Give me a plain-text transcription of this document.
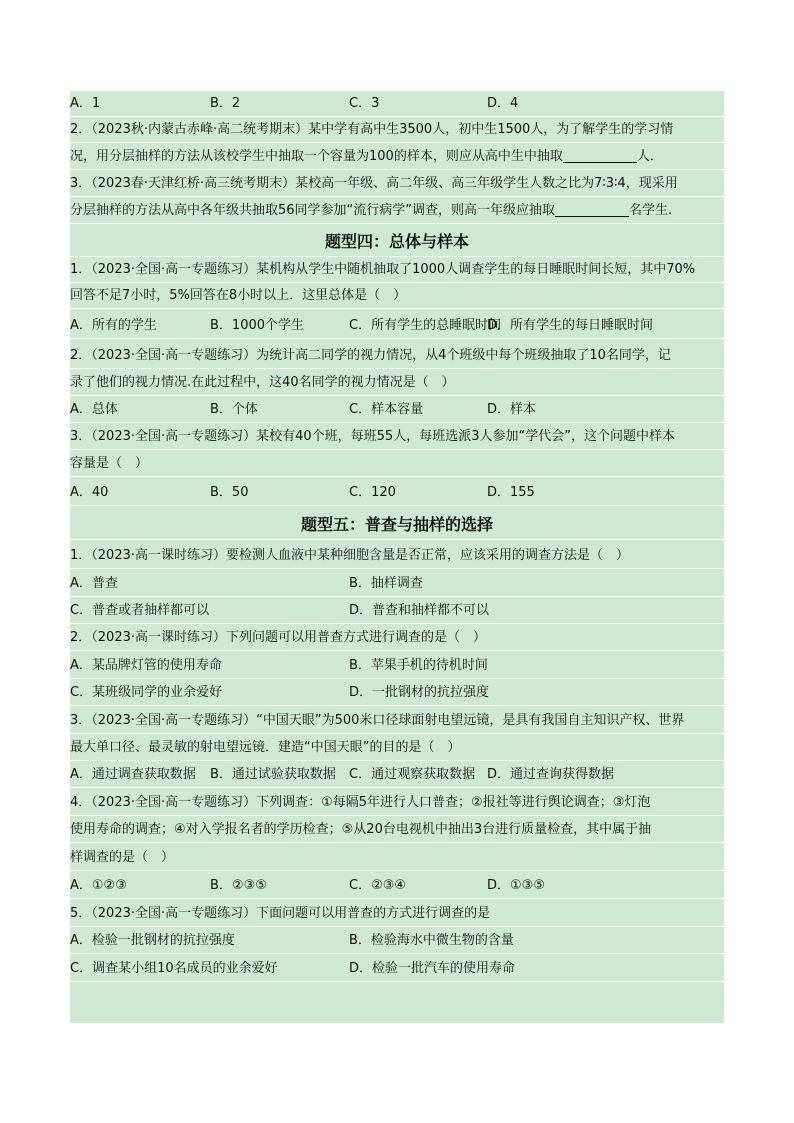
A．1	B．2	C．3	D．4
2．（2023秋·内蒙古赤峰·高二统考期末）某中学有高中生3500人，初中生1500人，为了解学生的学习情
况，用分层抽样的方法从该校学生中抽取一个容量为100的样本，则应从高中生中抽取	人．
3．（2023春·天津红桥·高三统考期末）某校高一年级、高二年级、高三年级学生人数之比为7∶3∶4，现采用
分层抽样的方法从高中各年级共抽取56同学参加“流行病学”调查，则高一年级应抽取	名学生.
题型四：总体与样本
1．（2023·全国·高一专题练习）某机构从学生中随机抽取了1000人调查学生的每日睡眠时间长短，其中70%
回答不足7小时，5%回答在8小时以上．这里总体是（　）
A．所有的学生	B．1000个学生	C．所有学生的总睡眠时间
D．所有学生的每日睡眠时间
2．（2023·全国·高一专题练习）为统计高二同学的视力情况，从4个班级中每个班级抽取了10名同学，记
录了他们的视力情况.在此过程中，这40名同学的视力情况是（　）
A．总体	B．个体	C．样本容量	D．样本
3．（2023·全国·高一专题练习）某校有40个班，每班55人，每班选派3人参加“学代会”，这个问题中样本
容量是（　）
A．40	B．50	C．120	D．155
题型五：普查与抽样的选择
1．（2023·高一课时练习）要检测人血液中某种细胞含量是否正常，应该采用的调查方法是（　）
A．普查	B．抽样调查
C．普查或者抽样都可以	D．普查和抽样都不可以
2．（2023·高一课时练习）下列问题可以用普查方式进行调查的是（　）
A．某品牌灯管的使用寿命	B．苹果手机的待机时间
C．某班级同学的业余爱好	D．一批钢材的抗拉强度
3．（2023·全国·高一专题练习）“中国天眼”为500米口径球面射电望远镜，是具有我国自主知识产权、世界
最大单口径、最灵敏的射电望远镜．建造“中国天眼”的目的是（　）
A．通过调查获取数据 B．通过试验获取数据 C．通过观察获取数据 D．通过查询获得数据
4．（2023·全国·高一专题练习）下列调查：①每隔5年进行人口普查；②报社等进行舆论调查；③灯泡
使用寿命的调查；④对入学报名者的学历检查；⑤从20台电视机中抽出3台进行质量检查，其中属于抽
样调查的是（　）
A．①②③	B．②③⑤	C．②③④	D．①③⑤
5．（2023·全国·高一专题练习）下面问题可以用普查的方式进行调查的是
A．检验一批钢材的抗拉强度	B．检验海水中微生物的含量
C．调查某小组10名成员的业余爱好	D．检验一批汽车的使用寿命
